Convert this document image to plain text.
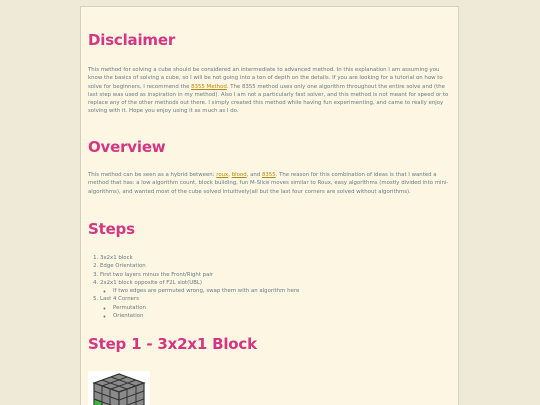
Disclaimer

This method for solving a cube should be considered an intermediate to advanced method. In this explanation I am assuming you know the basics of solving a cube, so I will be not going into a ton of depth on the details. If you are looking for a tutorial on how to solve for beginners, I recommend the 8355 Method. The 8355 method uses only one algorithm throughout the entire solve and (the last step was used as inspiration in my method). Also I am not a particularly fast solver, and this method is not meant for speed or to replace any of the other methods out there. I simply created this method while having fun experimenting, and came to really enjoy solving with it. Hope you enjoy using it as much as I do.

Overview

This method can be seen as a hybrid between: roux, blood, and 8355. The reason for this combination of ideas is that I wanted a method that has: a low algorithm count, block building, fun M-Slice moves similar to Roux, easy algorithms (mostly divided into mini-algorithms), and wanted most of the cube solved intuitively(all but the last four corners are solved without algorithms).

Steps
1. 3x2x1 block
2. Edge Orientation
3. First two layers minus the Front/Right pair
4. 2x2x1 block opposite of F2L slot(UBL)
◦ If two edges are permuted wrong, swap them with an algorithm here
5. Last 4 Corners
◦ Permutation
◦ Orientation
Step 1 - 3x2x1 Block
